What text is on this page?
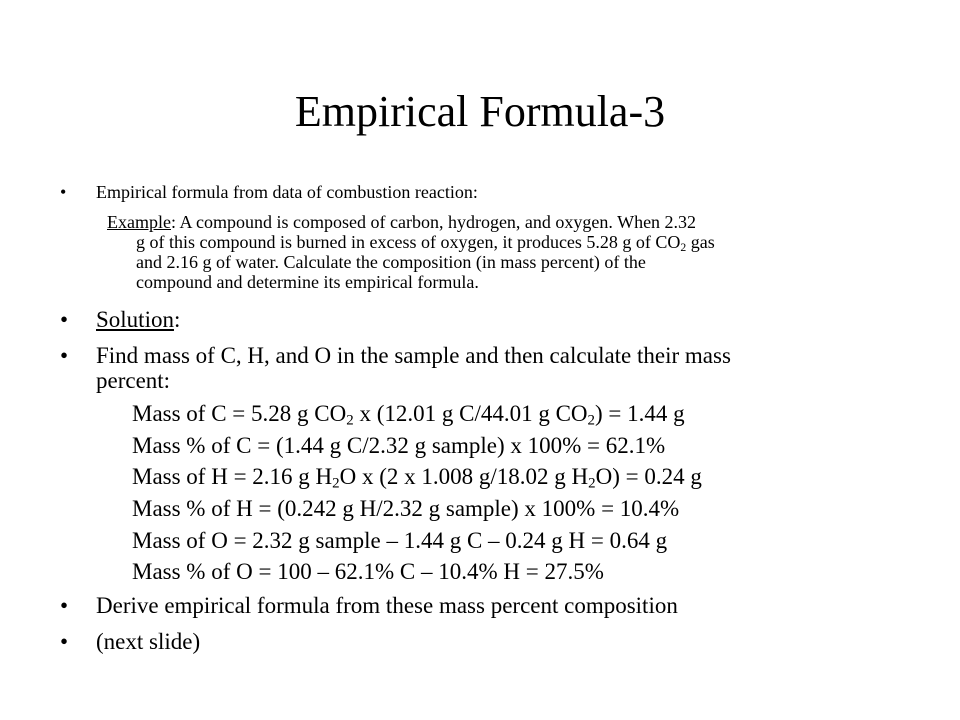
Empirical Formula-3
• Empirical formula from data of combustion reaction:
Example: A compound is composed of carbon, hydrogen, and oxygen. When 2.32
g of this compound is burned in excess of oxygen, it produces 5.28 g of $CO_2$ gas
and 2.16 g of water. Calculate the composition (in mass percent) of the
compound and determine its empirical formula.
• Solution:
• Find mass of C, H, and O in the sample and then calculate their mass
percent:
Mass of C = 5.28 g $CO_2$ x (12.01 g C/44.01 g $CO_2) = 1.44$ g
Mass % of C = (1.44 g C/2.32 g sample) x 100% = 62.1%
Mass of H = 2.16 g $H_2O$ x (2 x 1.008 g/18.02 g $H_2O) = 0.24$ g
Mass % of H = (0.242 g H/2.32 g sample) x 100% = 10.4%
Mass of O = 2.32 g sample – 1.44 g C – 0.24 g H = 0.64 g
Mass % of O = 100 – 62.1% C – 10.4% H = 27.5%
• Derive empirical formula from these mass percent composition
• (next slide)
